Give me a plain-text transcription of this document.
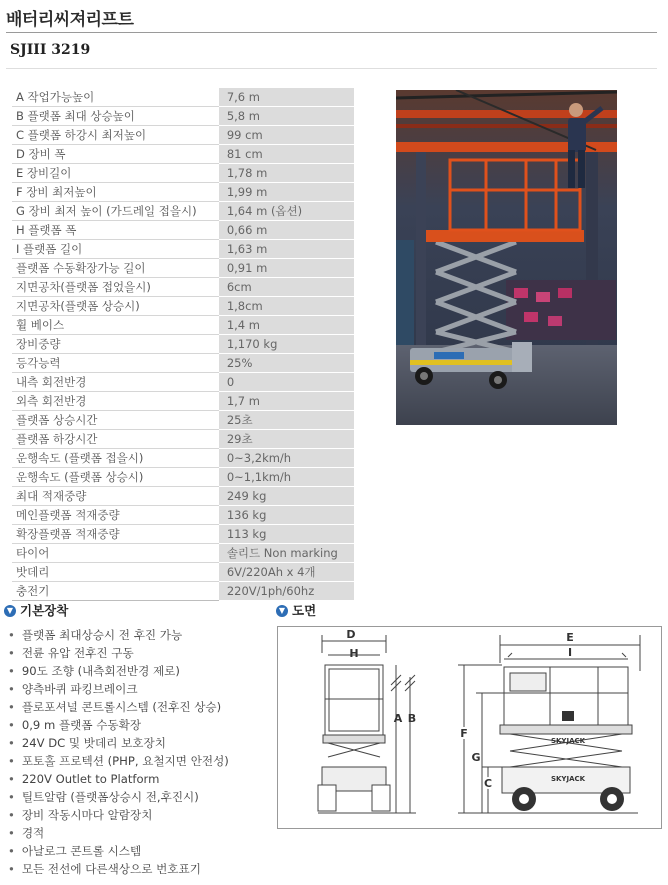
배터리씨져리프트
SJIII 3219
A 작업가능높이	7,6 m
B 플랫폼 최대 상승높이	5,8 m
C 플랫폼 하강시 최저높이	99 cm
D 장비 폭	81 cm
E 장비길이	1,78 m
F 장비 최저높이	1,99 m
G 장비 최저 높이 (가드레일 접을시)	1,64 m (옵션)
H 플랫폼 폭	0,66 m
I 플랫폼 길이	1,63 m
플랫폼 수동확장가능 길이	0,91 m
지면공차(플랫폼 접었을시)	6cm
지면공차(플랫폼 상승시)	1,8cm
휠 베이스	1,4 m
장비중량	1,170 kg
등각능력	25%
내측 회전반경	0
외측 회전반경	1,7 m
플랫폼 상승시간	25초
플랫폼 하강시간	29초
운행속도 (플랫폼 접을시)	0~3,2km/h
운행속도 (플랫폼 상승시)	0~1,1km/h
최대 적재중량	249 kg
메인플랫폼 적재중량	136 kg
확장플랫폼 적재중량	113 kg
타이어	솔리드 Non marking
밧데리	6V/220Ah x 4개
충전기	220V/1ph/60hz
▼ 기본장착
• 플랫폼 최대상승시 전 후진 가능
• 전륜 유압 전후진 구동
• 90도 조향 (내측회전반경 제로)
• 양측바퀴 파킹브레이크
• 플로포셔널 콘트롤시스템 (전후진 상승)
• 0,9 m 플랫폼 수동확장
• 24V DC 및 밧데리 보호장치
• 포토홀 프로텍션 (PHP, 요철지면 안전성)
• 220V Outlet to Platform
• 틸트알람 (플랫폼상승시 전,후진시)
• 장비 작동시마다 알람장치
• 경적
• 아날로그 콘트롤 시스템
• 모든 전선에 다른색상으로 번호표기
▼ 도면
D
H
A B
SKYJACK
SKYJACK
E
I
F
G
C
